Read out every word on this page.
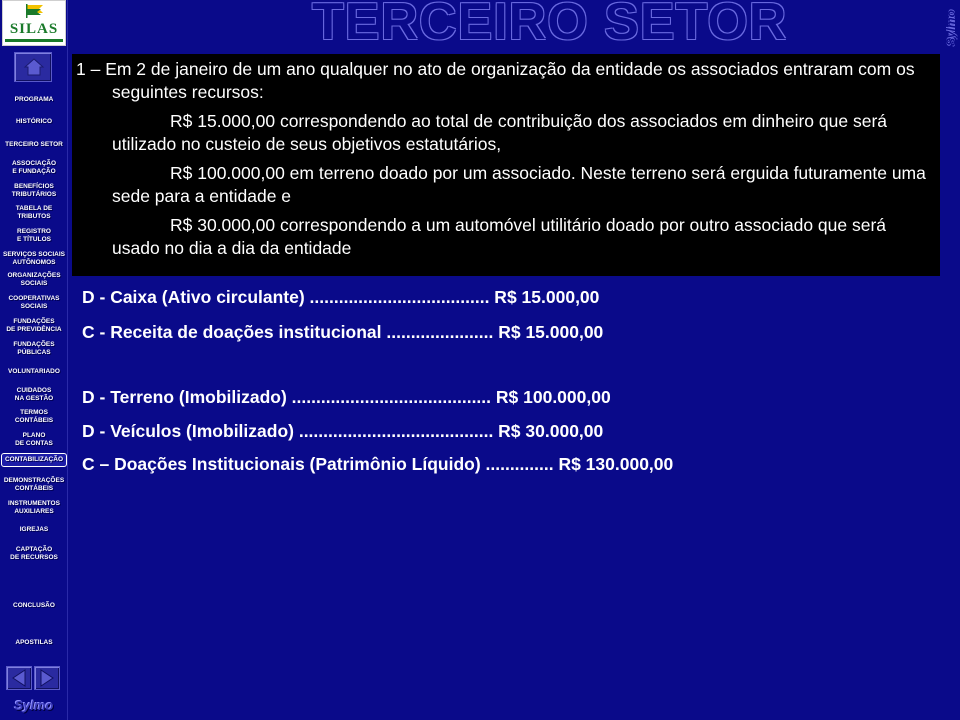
SILAS
PROGRAMA
HISTÓRICO
TERCEIRO SETOR
ASSOCIAÇÃO
E FUNDAÇÃO
BENEFÍCIOS
TRIBUTÁRIOS
TABELA DE
TRIBUTOS
REGISTRO
E TÍTULOS
SERVIÇOS SOCIAIS
AUTÔNOMOS
ORGANIZAÇÕES
SOCIAIS
COOPERATIVAS
SOCIAIS
FUNDAÇÕES
DE PREVIDÊNCIA
FUNDAÇÕES
PÚBLICAS
VOLUNTARIADO
CUIDADOS
NA GESTÃO
TERMOS
CONTÁBEIS
PLANO
DE CONTAS
CONTABILIZAÇÃO
DEMONSTRAÇÕES
CONTÁBEIS
INSTRUMENTOS
AUXILIARES
IGREJAS
CAPTAÇÃO
DE RECURSOS
CONCLUSÃO
APOSTILAS
Sylmo
TERCEIRO SETOR	Sylmo
1 – Em 2 de janeiro de um ano qualquer no ato de organização da entidade os associados entraram com os seguintes recursos:
R$ 15.000,00 correspondendo ao total de contribuição dos associados em dinheiro que será utilizado no custeio de seus objetivos estatutários,
R$ 100.000,00 em terreno doado por um associado. Neste terreno será erguida futuramente uma sede para a entidade e
R$ 30.000,00 correspondendo a um automóvel utilitário doado por outro associado que será usado no dia a dia da entidade
D - Caixa (Ativo circulante) ..................................... R$ 15.000,00
C - Receita de doações institucional ...................... R$ 15.000,00
D - Terreno (Imobilizado) ......................................... R$ 100.000,00
D - Veículos (Imobilizado) ........................................ R$ 30.000,00
C – Doações Institucionais (Patrimônio Líquido) .............. R$ 130.000,00
